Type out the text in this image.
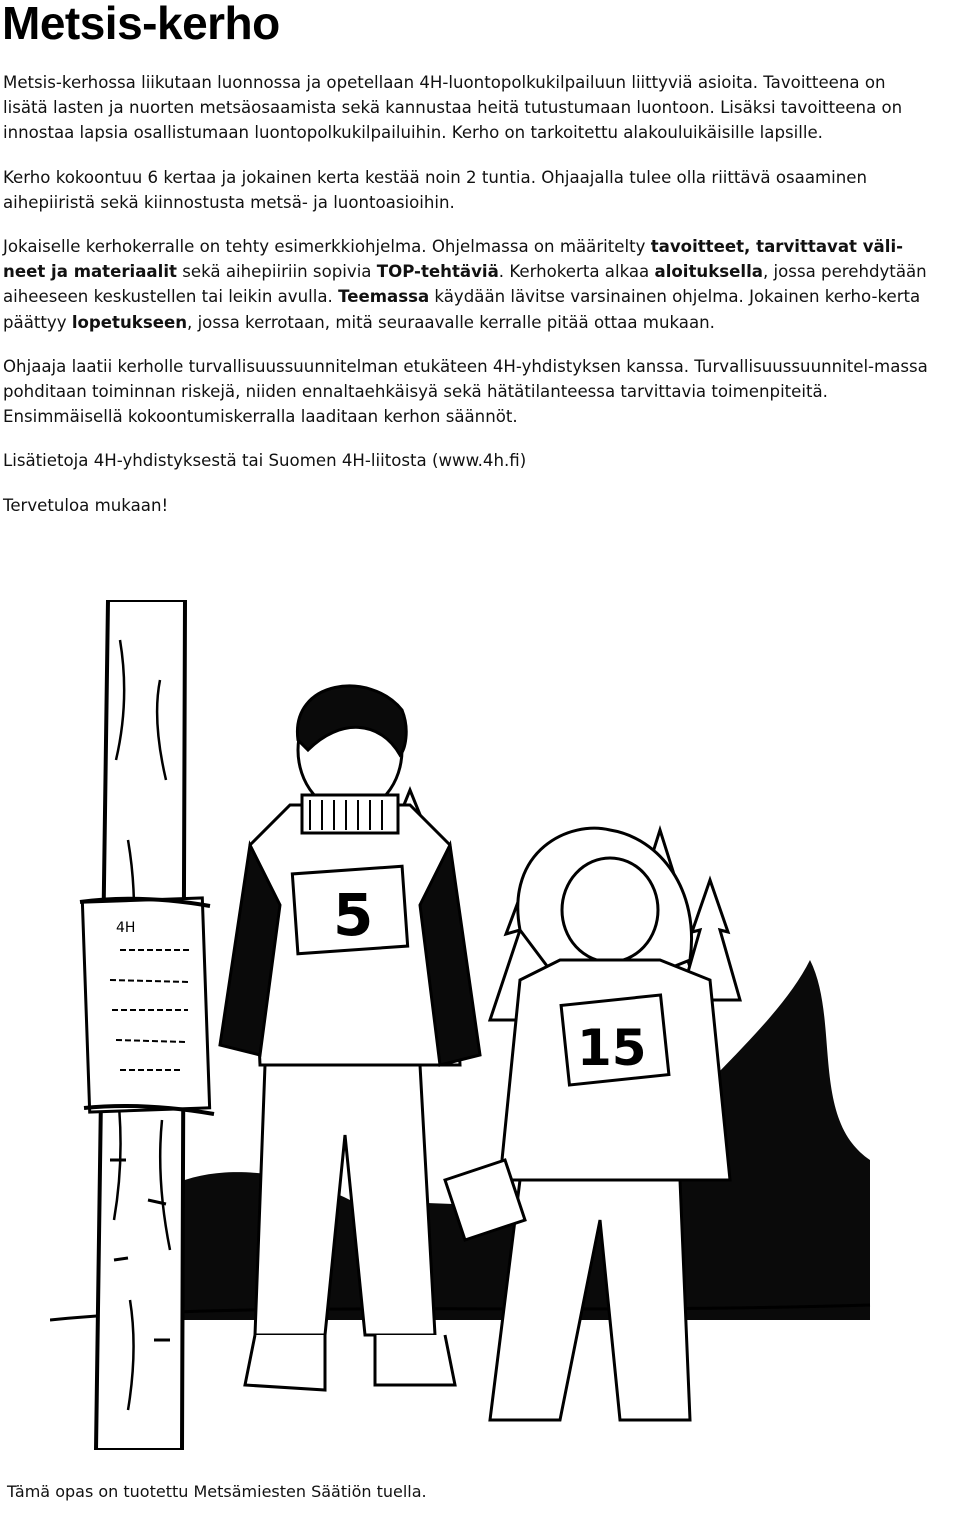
Metsis-kerho

Metsis-kerhossa liikutaan luonnossa ja opetellaan 4H-luontopolkukilpailuun liittyviä asioita. Tavoitteena on lisätä lasten ja nuorten metsäosaamista sekä kannustaa heitä tutustumaan luontoon. Lisäksi tavoitteena on innostaa lapsia osallistumaan luontopolkukilpailuihin. Kerho on tarkoitettu alakouluikäisille lapsille.

Kerho kokoontuu 6 kertaa ja jokainen kerta kestää noin 2 tuntia. Ohjaajalla tulee olla riittävä osaaminen aihepiiristä sekä kiinnostusta metsä- ja luontoasioihin.

Jokaiselle kerhokerralle on tehty esimerkkiohjelma. Ohjelmassa on määritelty tavoitteet, tarvittavat väli-neet ja materiaalit sekä aihepiiriin sopivia TOP-tehtäviä. Kerhokerta alkaa aloituksella, jossa perehdytään aiheeseen keskustellen tai leikin avulla. Teemassa käydään lävitse varsinainen ohjelma. Jokainen kerho-kerta päättyy lopetukseen, jossa kerrotaan, mitä seuraavalle kerralle pitää ottaa mukaan.

Ohjaaja laatii kerholle turvallisuussuunnitelman etukäteen 4H-yhdistyksen kanssa. Turvallisuussuunnitel-massa pohditaan toiminnan riskejä, niiden ennaltaehkäisyä sekä hätätilanteessa tarvittavia toimenpiteitä. Ensimmäisellä kokoontumiskerralla laaditaan kerhon säännöt.

Lisätietoja 4H-yhdistyksestä tai Suomen 4H-liitosta (www.4h.fi)

Tervetuloa mukaan!

4H	5
15
Tämä opas on tuotettu Metsämiesten Säätiön tuella.
